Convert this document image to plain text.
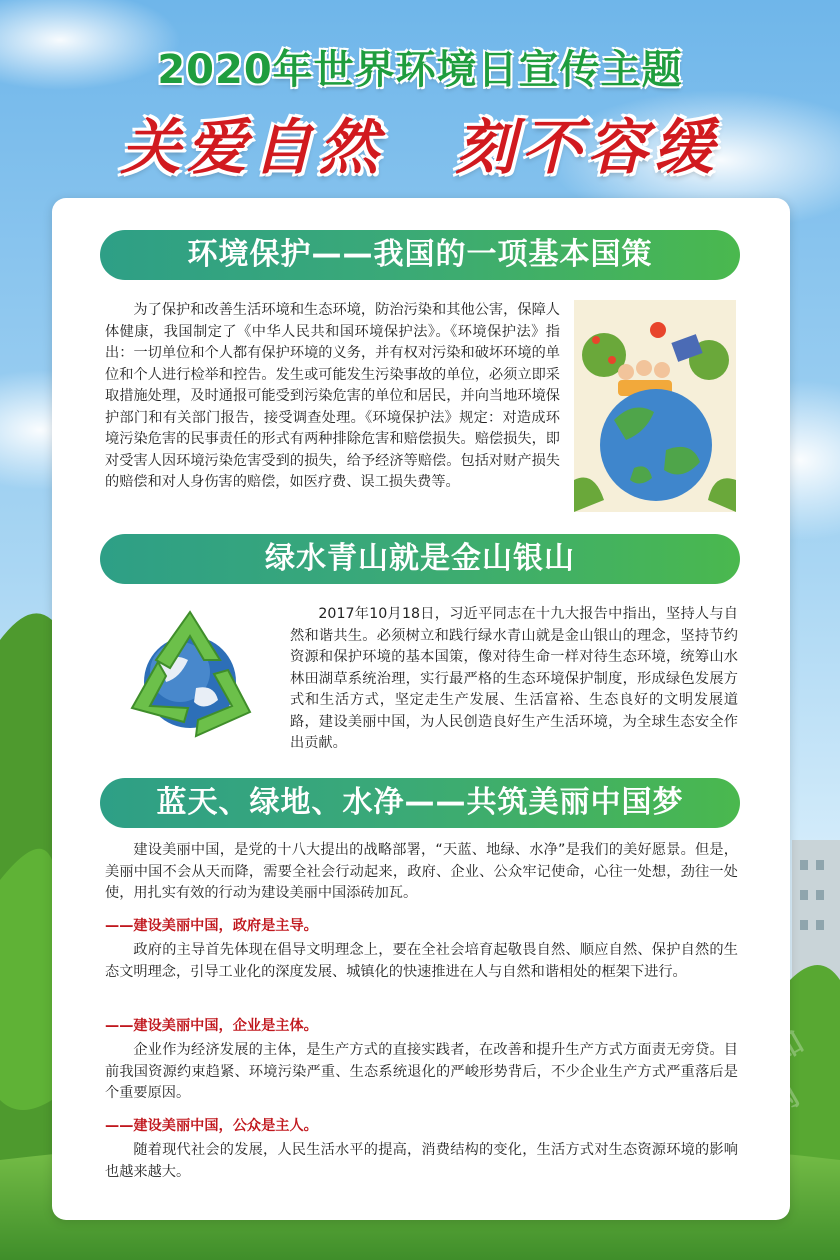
2020年世界环境日宣传主题
关爱自然 刻不容缓
环境保护——我国的一项基本国策

为了保护和改善生活环境和生态环境，防治污染和其他公害，保障人体健康，我国制定了《中华人民共和国环境保护法》。《环境保护法》指出：一切单位和个人都有保护环境的义务，并有权对污染和破坏环境的单位和个人进行检举和控告。发生或可能发生污染事故的单位，必须立即采取措施处理，及时通报可能受到污染危害的单位和居民，并向当地环境保护部门和有关部门报告，接受调查处理。《环境保护法》规定：对造成环境污染危害的民事责任的形式有两种排除危害和赔偿损失。赔偿损失，即对受害人因环境污染危害受到的损失，给予经济等赔偿。包括对财产损失的赔偿和对人身伤害的赔偿，如医疗费、误工损失费等。

绿水青山就是金山银山

2017年10月18日，习近平同志在十九大报告中指出，坚持人与自然和谐共生。必须树立和践行绿水青山就是金山银山的理念，坚持节约资源和保护环境的基本国策，像对待生命一样对待生态环境，统筹山水林田湖草系统治理，实行最严格的生态环境保护制度，形成绿色发展方式和生活方式，坚定走生产发展、生活富裕、生态良好的文明发展道路，建设美丽中国，为人民创造良好生产生活环境，为全球生态安全作出贡献。

蓝天、绿地、水净——共筑美丽中国梦

建设美丽中国，是党的十八大提出的战略部署，“天蓝、地绿、水净”是我们的美好愿景。但是，美丽中国不会从天而降，需要全社会行动起来，政府、企业、公众牢记使命，心往一处想，劲往一处使，用扎实有效的行动为建设美丽中国添砖加瓦。

——建设美丽中国，政府是主导。

政府的主导首先体现在倡导文明理念上，要在全社会培育起敬畏自然、顺应自然、保护自然的生态文明理念，引导工业化的深度发展、城镇化的快速推进在人与自然和谐相处的框架下进行。

——建设美丽中国，企业是主体。

企业作为经济发展的主体，是生产方式的直接实践者，在改善和提升生产方式方面责无旁贷。目前我国资源约束趋紧、环境污染严重、生态系统退化的严峻形势背后，不少企业生产方式严重落后是个重要原因。

——建设美丽中国，公众是主人。

随着现代社会的发展，人民生活水平的提高，消费结构的变化，生活方式对生态资源环境的影响也越来越大。

觅知网
